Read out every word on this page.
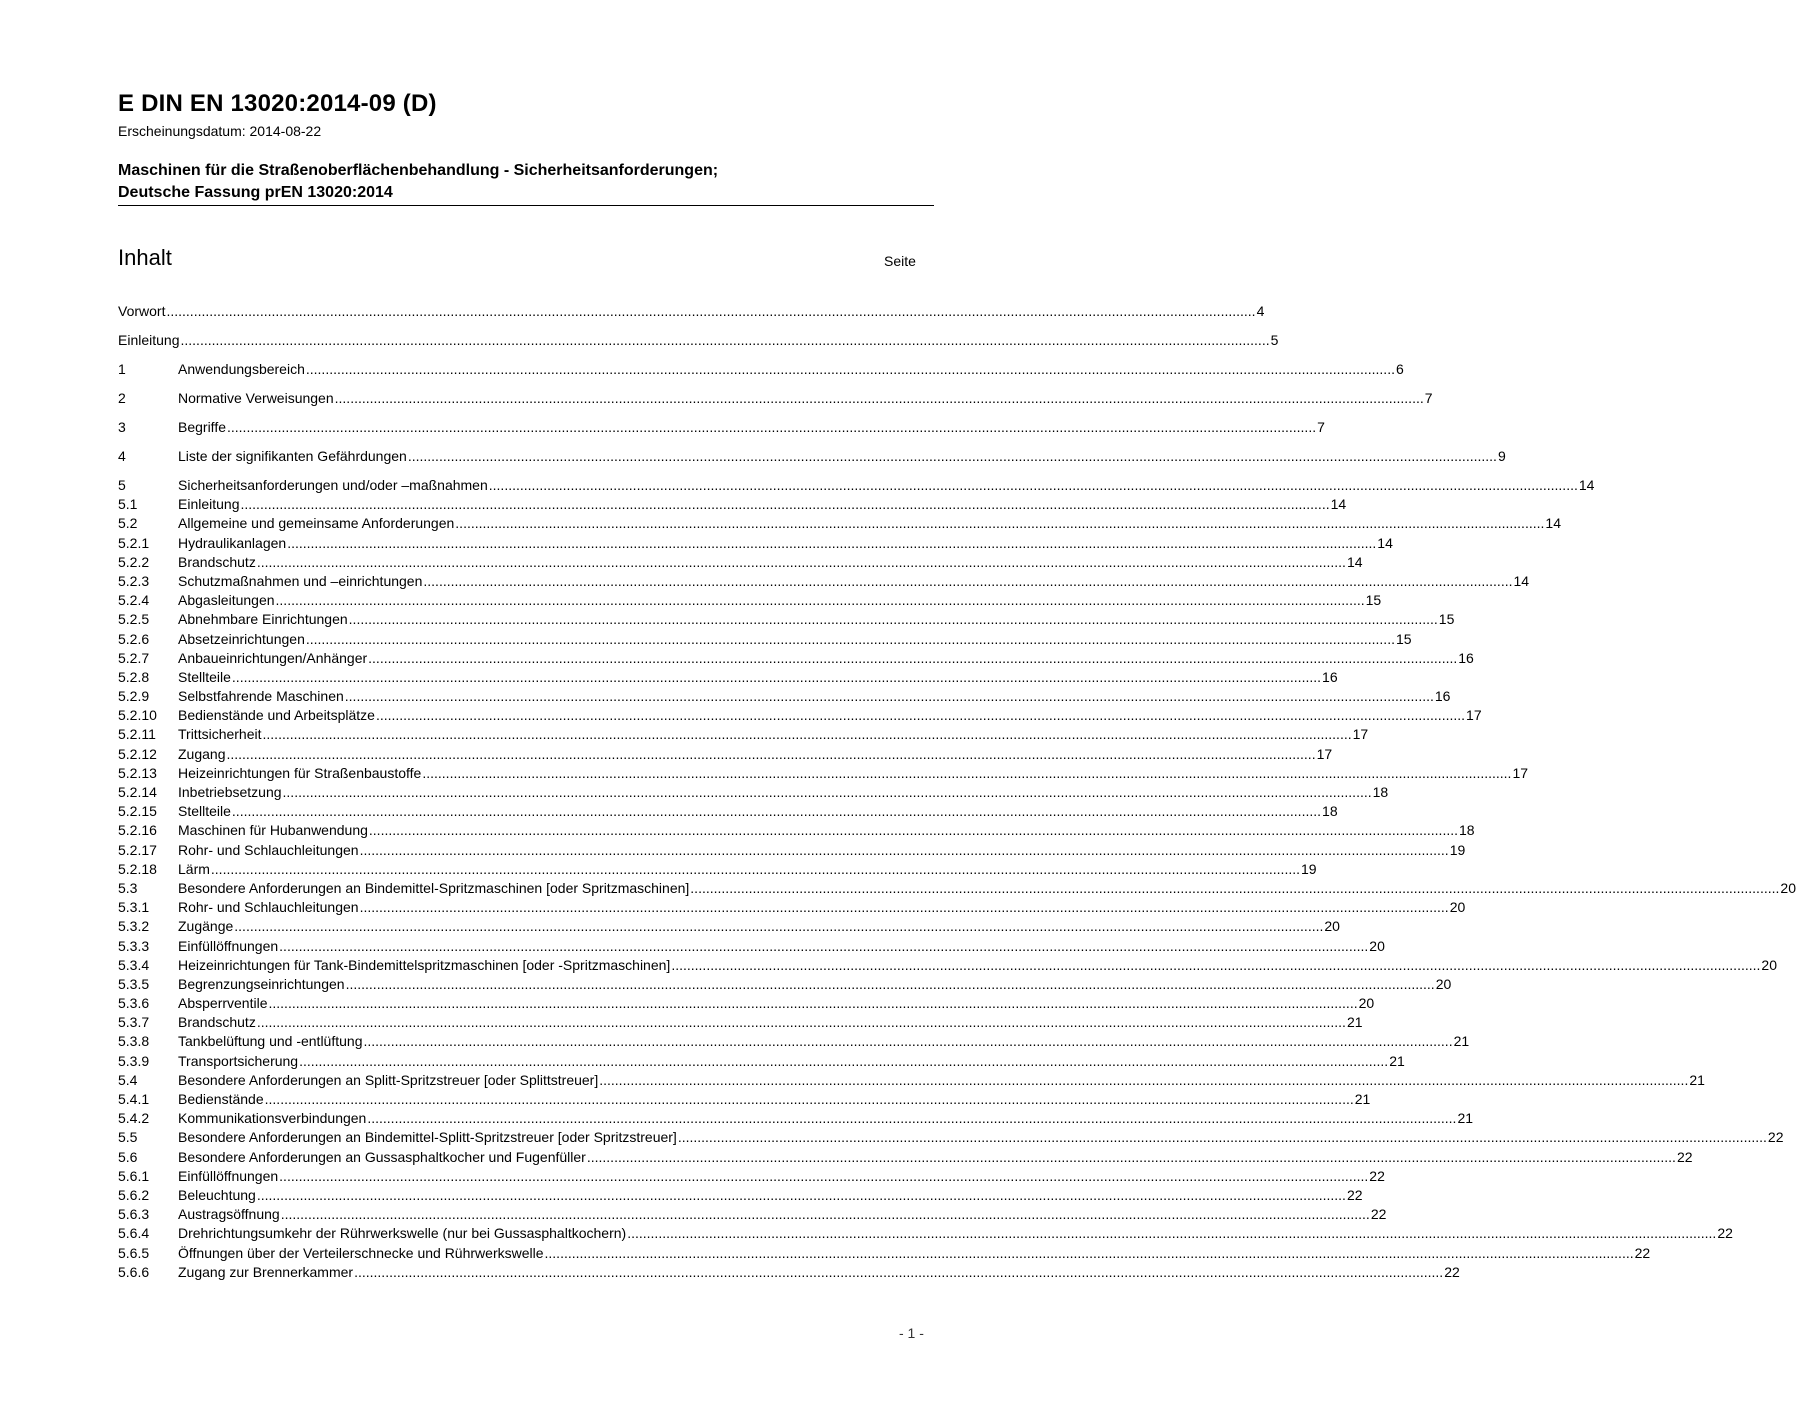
E DIN EN 13020:2014-09 (D)
Erscheinungsdatum: 2014-08-22
Maschinen für die Straßenoberflächenbehandlung - Sicherheitsanforderungen;
Deutsche Fassung prEN 13020:2014
Inhalt	Seite
Vorwort .....	4
Einleitung .....	5
1	Anwendungsbereich .....	6
2	Normative Verweisungen .....	7
3	Begriffe .....	7
4	Liste der signifikanten Gefährdungen .....	9
5	Sicherheitsanforderungen und/oder –maßnahmen .....	14
5.1	Einleitung .....	14
5.2	Allgemeine und gemeinsame Anforderungen .....	14
5.2.1	Hydraulikanlagen .....	14
5.2.2	Brandschutz .....	14
5.2.3	Schutzmaßnahmen und –einrichtungen .....	14
5.2.4	Abgasleitungen .....	15
5.2.5	Abnehmbare Einrichtungen .....	15
5.2.6	Absetzeinrichtungen .....	15
5.2.7	Anbaueinrichtungen/Anhänger .....	16
5.2.8	Stellteile .....	16
5.2.9	Selbstfahrende Maschinen .....	16
5.2.10	Bedienstände und Arbeitsplätze .....	17
5.2.11	Trittsicherheit .....	17
5.2.12	Zugang .....	17
5.2.13	Heizeinrichtungen für Straßenbaustoffe .....	17
5.2.14	Inbetriebsetzung .....	18
5.2.15	Stellteile .....	18
5.2.16	Maschinen für Hubanwendung .....	18
5.2.17	Rohr- und Schlauchleitungen .....	19
5.2.18	Lärm .....	19
5.3	Besondere Anforderungen an Bindemittel-Spritzmaschinen [oder Spritzmaschinen] .....	20
5.3.1	Rohr- und Schlauchleitungen .....	20
5.3.2	Zugänge .....	20
5.3.3	Einfüllöffnungen .....	20
5.3.4	Heizeinrichtungen für Tank-Bindemittelspritzmaschinen [oder -Spritzmaschinen] .....	20
5.3.5	Begrenzungseinrichtungen .....	20
5.3.6	Absperrventile .....	20
5.3.7	Brandschutz .....	21
5.3.8	Tankbelüftung und -entlüftung .....	21
5.3.9	Transportsicherung .....	21
5.4	Besondere Anforderungen an Splitt-Spritzstreuer [oder Splittstreuer] .....	21
5.4.1	Bedienstände .....	21
5.4.2	Kommunikationsverbindungen .....	21
5.5	Besondere Anforderungen an Bindemittel-Splitt-Spritzstreuer [oder Spritzstreuer] .....	22
5.6	Besondere Anforderungen an Gussasphaltkocher und Fugenfüller .....	22
5.6.1	Einfüllöffnungen .....	22
5.6.2	Beleuchtung .....	22
5.6.3	Austragsöffnung .....	22
5.6.4	Drehrichtungsumkehr der Rührwerkswelle (nur bei Gussasphaltkochern) .....	22
5.6.5	Öffnungen über der Verteilerschnecke und Rührwerkswelle .....	22
5.6.6	Zugang zur Brennerkammer .....	22
- 1 -
